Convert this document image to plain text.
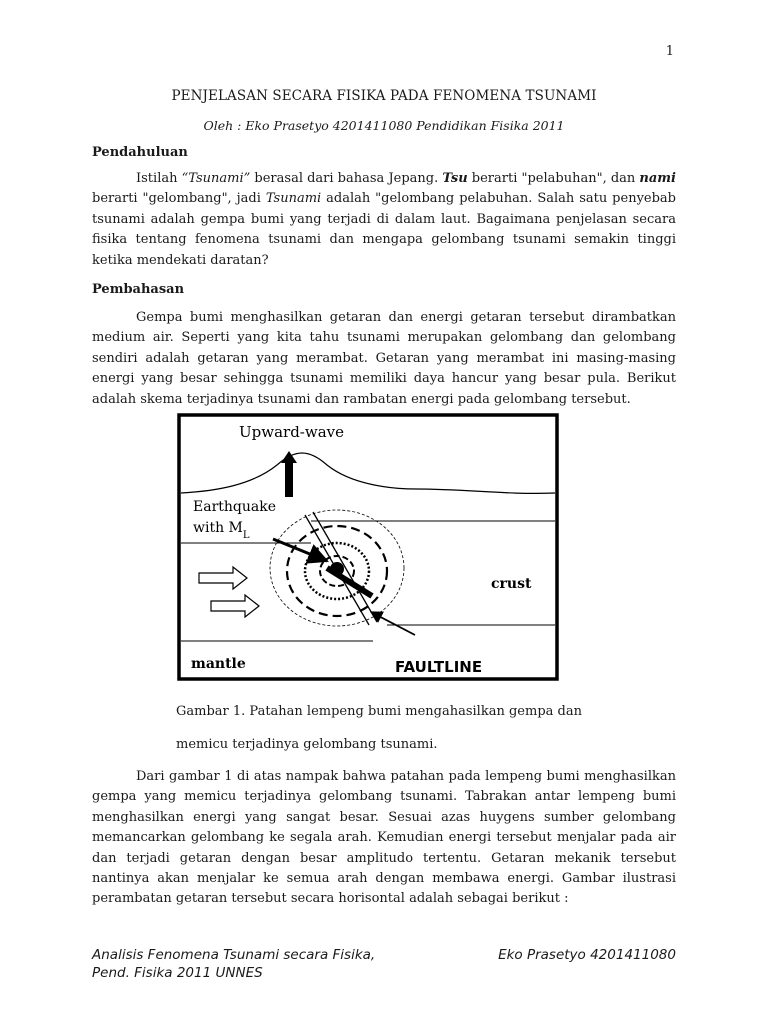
1
PENJELASAN SECARA FISIKA PADA FENOMENA TSUNAMI
Oleh : Eko Prasetyo 4201411080 Pendidikan Fisika 2011
Pendahuluan

Istilah “Tsunami” berasal dari bahasa Jepang. Tsu berarti "pelabuhan", dan nami berarti "gelombang", jadi Tsunami adalah "gelombang pelabuhan. Salah satu penyebab tsunami adalah gempa bumi yang terjadi di dalam laut. Bagaimana penjelasan secara fisika tentang fenomena tsunami dan mengapa gelombang tsunami semakin tinggi ketika mendekati daratan?

Pembahasan

Gempa bumi menghasilkan getaran dan energi getaran tersebut dirambatkan medium air. Seperti yang kita tahu tsunami merupakan gelombang dan gelombang sendiri adalah getaran yang merambat. Getaran yang merambat ini masing-masing energi yang besar sehingga tsunami memiliki daya hancur yang besar pula. Berikut adalah skema terjadinya tsunami dan rambatan energi pada gelombang tersebut.

Upward-wave
Earthquake
with $M_L$
crust
mantle	FAULTLINE
Gambar 1. Patahan lempeng bumi mengahasilkan gempa dan
memicu terjadinya gelombang tsunami.

Dari gambar 1 di atas nampak bahwa patahan pada lempeng bumi menghasilkan gempa yang memicu terjadinya gelombang tsunami. Tabrakan antar lempeng bumi menghasilkan energi yang sangat besar. Sesuai azas huygens sumber gelombang memancarkan gelombang ke segala arah. Kemudian energi tersebut menjalar pada air dan terjadi getaran dengan besar amplitudo tertentu. Getaran mekanik tersebut nantinya akan menjalar ke semua arah dengan membawa energi. Gambar ilustrasi perambatan getaran tersebut secara horisontal adalah sebagai berikut :

Analisis Fenomena Tsunami secara Fisika,	Eko Prasetyo 4201411080
Pend. Fisika 2011 UNNES
